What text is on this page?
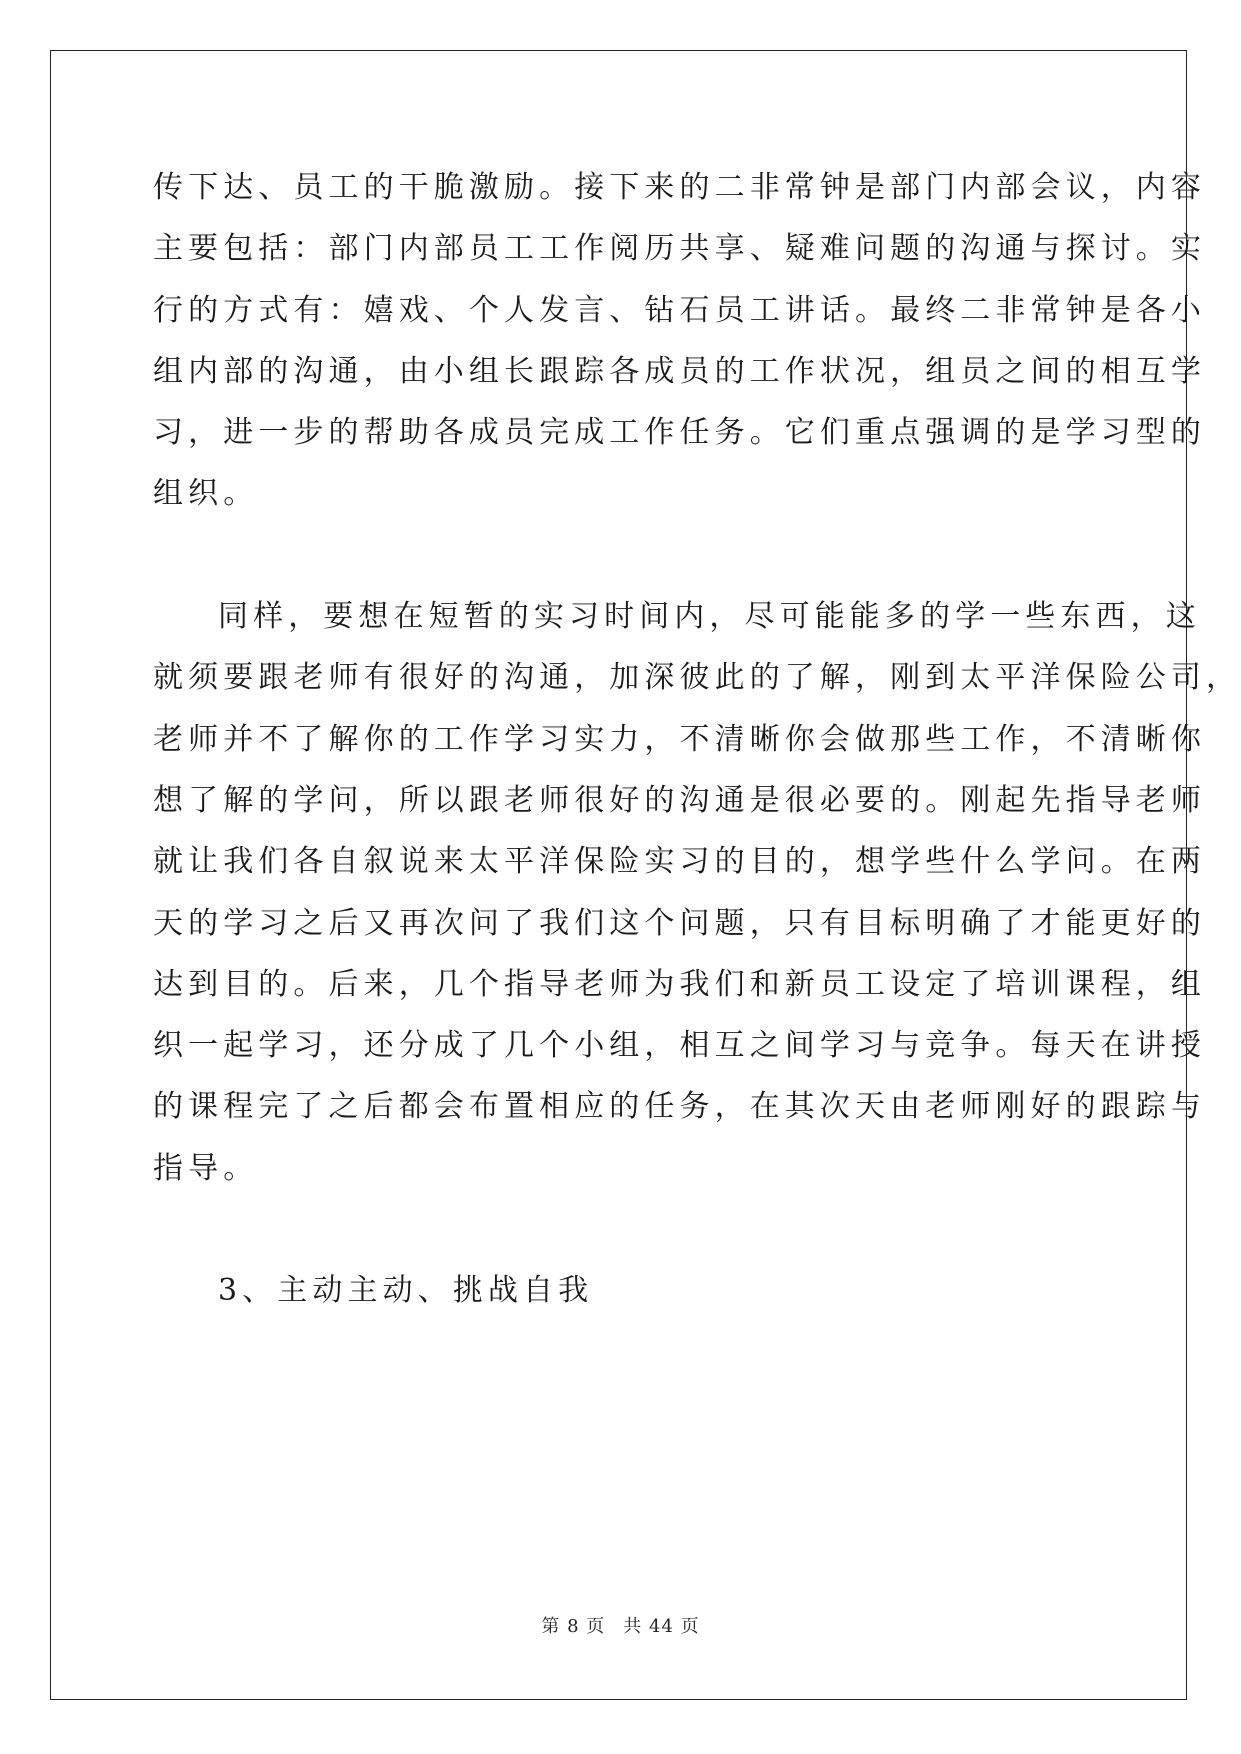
传下达、员工的干脆激励。接下来的二非常钟是部门内部会议，内容
主要包括：部门内部员工工作阅历共享、疑难问题的沟通与探讨。实
行的方式有：嬉戏、个人发言、钻石员工讲话。最终二非常钟是各小
组内部的沟通，由小组长跟踪各成员的工作状况，组员之间的相互学
习，进一步的帮助各成员完成工作任务。它们重点强调的是学习型的
组织。
同样，要想在短暂的实习时间内，尽可能能多的学一些东西，这
就须要跟老师有很好的沟通，加深彼此的了解，刚到太平洋保险公司，
老师并不了解你的工作学习实力，不清晰你会做那些工作，不清晰你
想了解的学问，所以跟老师很好的沟通是很必要的。刚起先指导老师
就让我们各自叙说来太平洋保险实习的目的，想学些什么学问。在两
天的学习之后又再次问了我们这个问题，只有目标明确了才能更好的
达到目的。后来，几个指导老师为我们和新员工设定了培训课程，组
织一起学习，还分成了几个小组，相互之间学习与竞争。每天在讲授
的课程完了之后都会布置相应的任务，在其次天由老师刚好的跟踪与
指导。
3、主动主动、挑战自我
第 8 页 共 44 页
